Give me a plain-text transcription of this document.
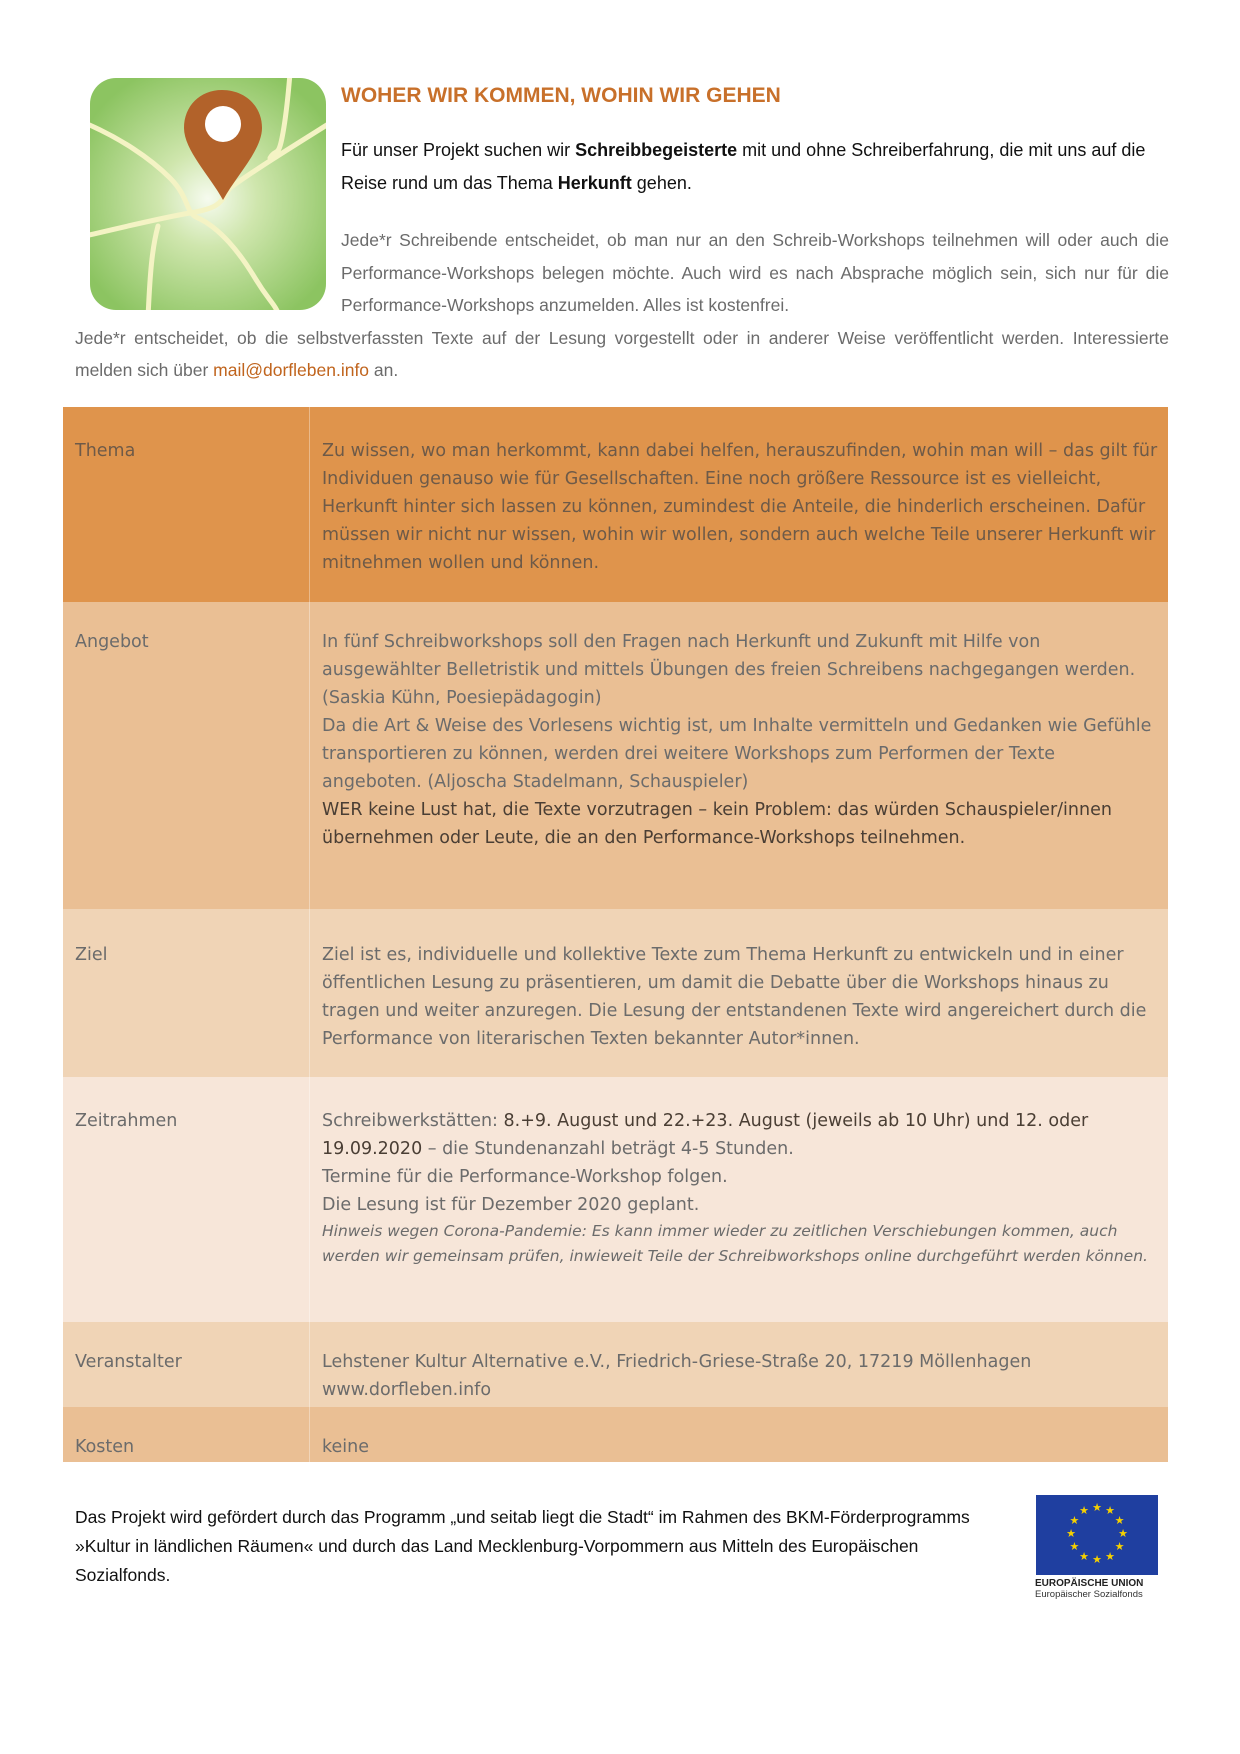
WOHER WIR KOMMEN, WOHIN WIR GEHEN
Für unser Projekt suchen wir Schreibbegeisterte mit und ohne Schreiberfahrung, die mit uns auf die Reise rund um das Thema Herkunft gehen.
Jede*r Schreibende entscheidet, ob man nur an den Schreib-Workshops teilnehmen will oder auch die Performance-Workshops belegen möchte. Auch wird es nach Absprache möglich sein, sich nur für die Performance-Workshops anzumelden. Alles ist kostenfrei.
Jede*r entscheidet, ob die selbstverfassten Texte auf der Lesung vorgestellt oder in anderer Weise veröffentlicht werden. Interessierte melden sich über mail@dorfleben.info an.
Thema	Zu wissen, wo man herkommt, kann dabei helfen, herauszufinden, wohin man will – das gilt für Individuen genauso wie für Gesellschaften. Eine noch größere Ressource ist es vielleicht, Herkunft hinter sich lassen zu können, zumindest die Anteile, die hinderlich erscheinen. Dafür müssen wir nicht nur wissen, wohin wir wollen, sondern auch welche Teile unserer Herkunft wir mitnehmen wollen und können.
Angebot	In fünf Schreibworkshops soll den Fragen nach Herkunft und Zukunft mit Hilfe von ausgewählter Belletristik und mittels Übungen des freien Schreibens nachgegangen werden. (Saskia Kühn, Poesiepädagogin)
Da die Art & Weise des Vorlesens wichtig ist, um Inhalte vermitteln und Gedanken wie Gefühle transportieren zu können, werden drei weitere Workshops zum Performen der Texte angeboten. (Aljoscha Stadelmann, Schauspieler)
WER keine Lust hat, die Texte vorzutragen – kein Problem: das würden Schauspieler/innen übernehmen oder Leute, die an den Performance-Workshops teilnehmen.
Ziel	Ziel ist es, individuelle und kollektive Texte zum Thema Herkunft zu entwickeln und in einer öffentlichen Lesung zu präsentieren, um damit die Debatte über die Workshops hinaus zu tragen und weiter anzuregen. Die Lesung der entstandenen Texte wird angereichert durch die Performance von literarischen Texten bekannter Autor*innen.
Zeitrahmen	Schreibwerkstätten: 8.+9. August und 22.+23. August (jeweils ab 10 Uhr) und 12. oder 19.09.2020 – die Stundenanzahl beträgt 4-5 Stunden.
Termine für die Performance-Workshop folgen.
Die Lesung ist für Dezember 2020 geplant.
Hinweis wegen Corona-Pandemie: Es kann immer wieder zu zeitlichen Verschiebungen kommen, auch werden wir gemeinsam prüfen, inwieweit Teile der Schreibworkshops online durchgeführt werden können.
Veranstalter	Lehstener Kultur Alternative e.V., Friedrich-Griese-Straße 20, 17219 Möllenhagen
www.dorfleben.info
Kosten	keine
Das Projekt wird gefördert durch das Programm „und seitab liegt die Stadt“ im Rahmen des BKM-Förderprogramms »Kultur in ländlichen Räumen« und durch das Land Mecklenburg-Vorpommern aus Mitteln des Europäischen Sozialfonds.
★ ★
★
★
★
★
★
★
★
★
★
★
EUROPÄISCHE UNION
Europäischer Sozialfonds
